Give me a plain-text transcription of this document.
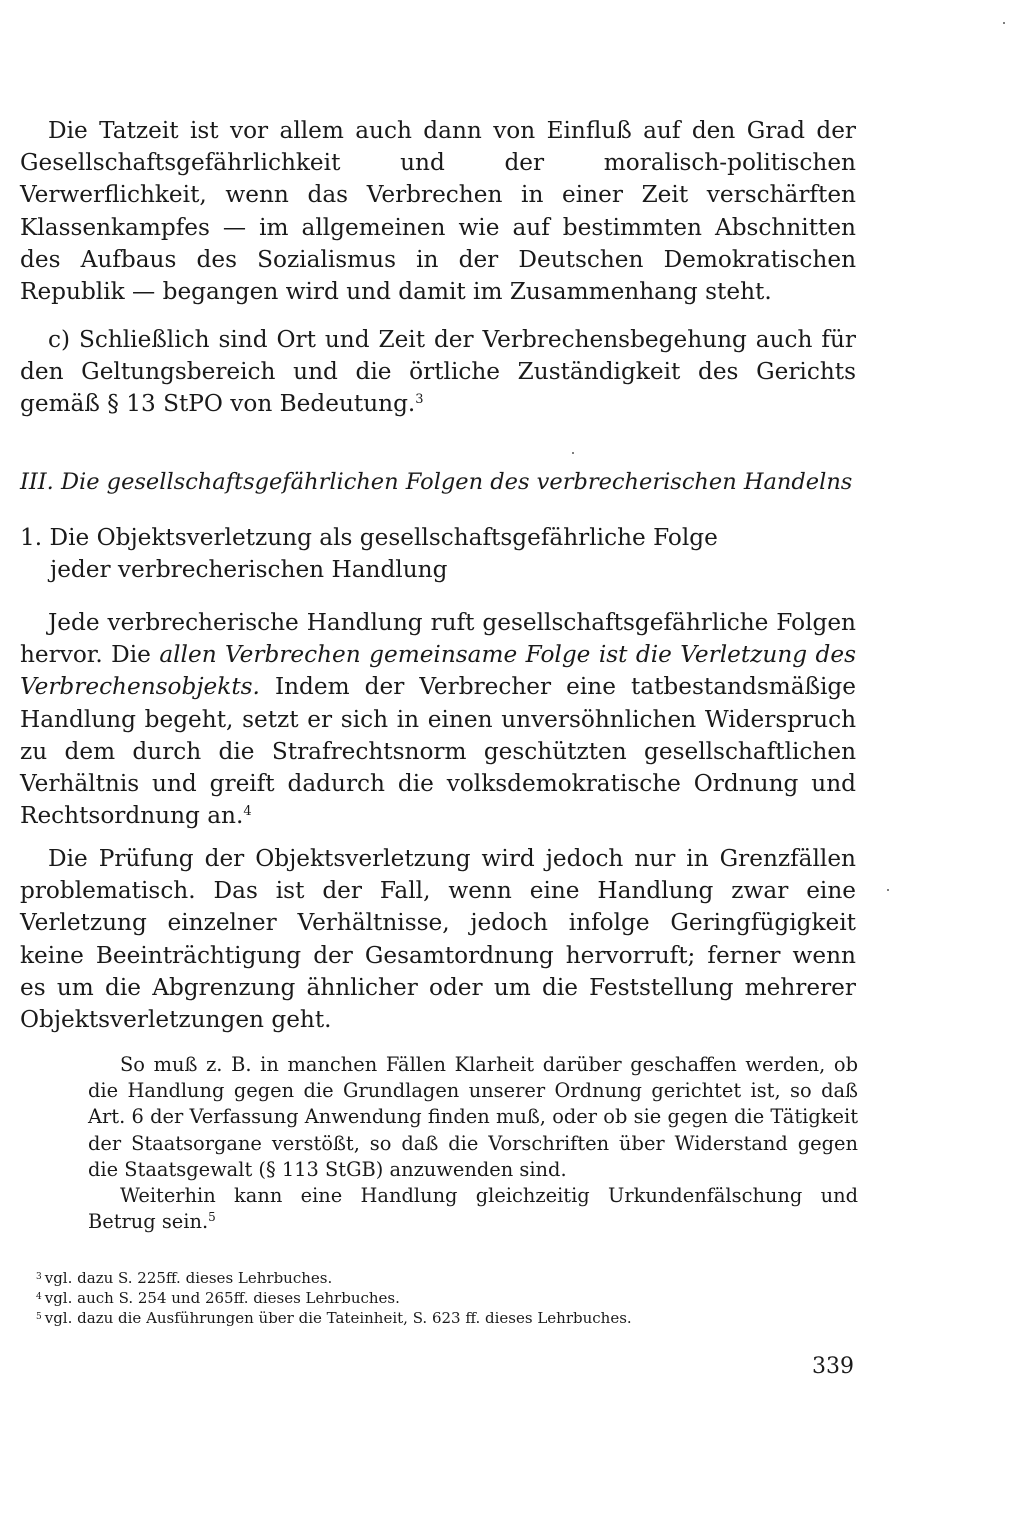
Die Tatzeit ist vor allem auch dann von Einfluß auf den Grad der Gesellschaftsgefährlichkeit und der moralisch-politischen Verwerflichkeit, wenn das Verbrechen in einer Zeit verschärften Klassenkampfes — im allgemeinen wie auf bestimmten Abschnitten des Aufbaus des Sozialismus in der Deutschen Demokratischen Republik — begangen wird und damit im Zusammenhang steht.

c) Schließlich sind Ort und Zeit der Verbrechensbegehung auch für den Geltungsbereich und die örtliche Zuständigkeit des Gerichts gemäß § 13 StPO von Bedeutung.$^3$

III. Die gesellschaftsgefährlichen Folgen des verbrecherischen Handelns
1. Die Objektsverletzung als gesellschaftsgefährliche Folge
jeder verbrecherischen Handlung

Jede verbrecherische Handlung ruft gesellschaftsgefährliche Folgen hervor. Die allen Verbrechen gemeinsame Folge ist die Verletzung des Verbrechensobjekts. Indem der Verbrecher eine tatbestandsmäßige Handlung begeht, setzt er sich in einen unversöhnlichen Widerspruch zu dem durch die Strafrechtsnorm geschützten gesellschaftlichen Verhältnis und greift dadurch die volksdemokratische Ordnung und Rechtsordnung an.$^4$

Die Prüfung der Objektsverletzung wird jedoch nur in Grenzfällen problematisch. Das ist der Fall, wenn eine Handlung zwar eine Verletzung einzelner Verhältnisse, jedoch infolge Geringfügigkeit keine Beeinträchtigung der Gesamtordnung hervorruft; ferner wenn es um die Abgrenzung ähnlicher oder um die Feststellung mehrerer Objektsverletzungen geht.

So muß z. B. in manchen Fällen Klarheit darüber geschaffen werden, ob die Handlung gegen die Grundlagen unserer Ordnung gerichtet ist, so daß Art. 6 der Verfassung Anwendung finden muß, oder ob sie gegen die Tätigkeit der Staatsorgane verstößt, so daß die Vorschriften über Widerstand gegen die Staatsgewalt (§ 113 StGB) anzuwenden sind.

Weiterhin kann eine Handlung gleichzeitig Urkundenfälschung und Betrug sein.$^5$

$^3$ vgl. dazu S. 225ff. dieses Lehrbuches.
$^4$ vgl. auch S. 254 und 265ff. dieses Lehrbuches.
$^5$ vgl. dazu die Ausführungen über die Tateinheit, S. 623 ff. dieses Lehrbuches.
339
